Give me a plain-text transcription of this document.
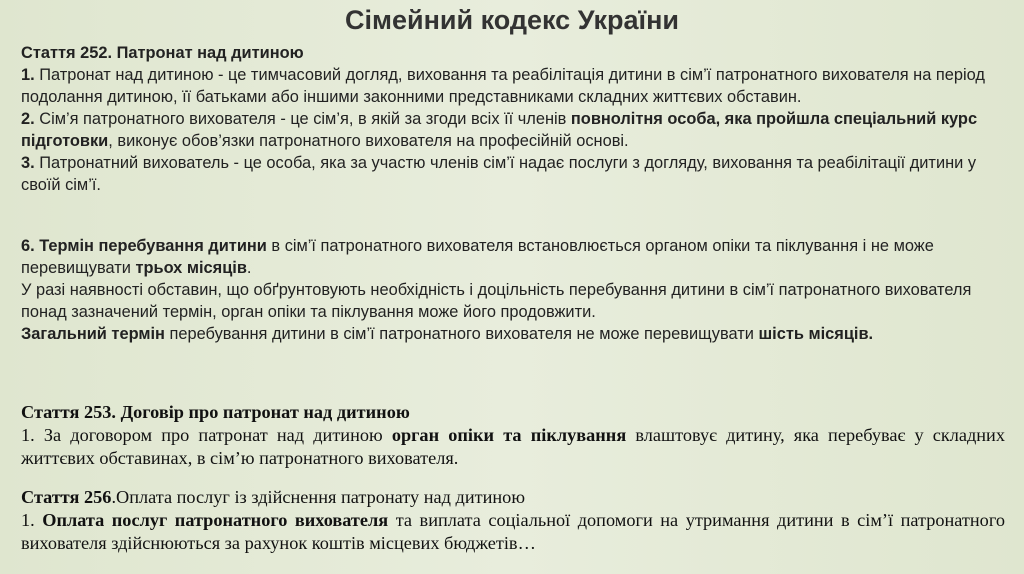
Сімейний кодекс України

Стаття 252. Патронат над дитиною

1. Патронат над дитиною - це тимчасовий догляд, виховання та реабілітація дитини в сім’ї патронатного вихователя на період подолання дитиною, її батьками або іншими законними представниками складних життєвих обставин.

2. Сім’я патронатного вихователя - це сім’я, в якій за згоди всіх її членів повнолітня особа, яка пройшла спеціальний курс підготовки, виконує обов’язки патронатного вихователя на професійній основі.

3. Патронатний вихователь - це особа, яка за участю членів сім’ї надає послуги з догляду, виховання та реабілітації дитини у своїй сім’ї.

6. Термін перебування дитини в сім’ї патронатного вихователя встановлюється органом опіки та піклування і не може перевищувати трьох місяців.

У разі наявності обставин, що обґрунтовують необхідність і доцільність перебування дитини в сім’ї патронатного вихователя понад зазначений термін, орган опіки та піклування може його продовжити.

Загальний термін перебування дитини в сім’ї патронатного вихователя не може перевищувати шість місяців.

Стаття 253. Договір про патронат над дитиною

1. За договором про патронат над дитиною орган опіки та піклування влаштовує дитину, яка перебуває у складних життєвих обставинах, в сім’ю патронатного вихователя.

Стаття 256.Оплата послуг із здійснення патронату над дитиною

1. Оплата послуг патронатного вихователя та виплата соціальної допомоги на утримання дитини в сім’ї патронатного вихователя здійснюються за рахунок коштів місцевих бюджетів…
